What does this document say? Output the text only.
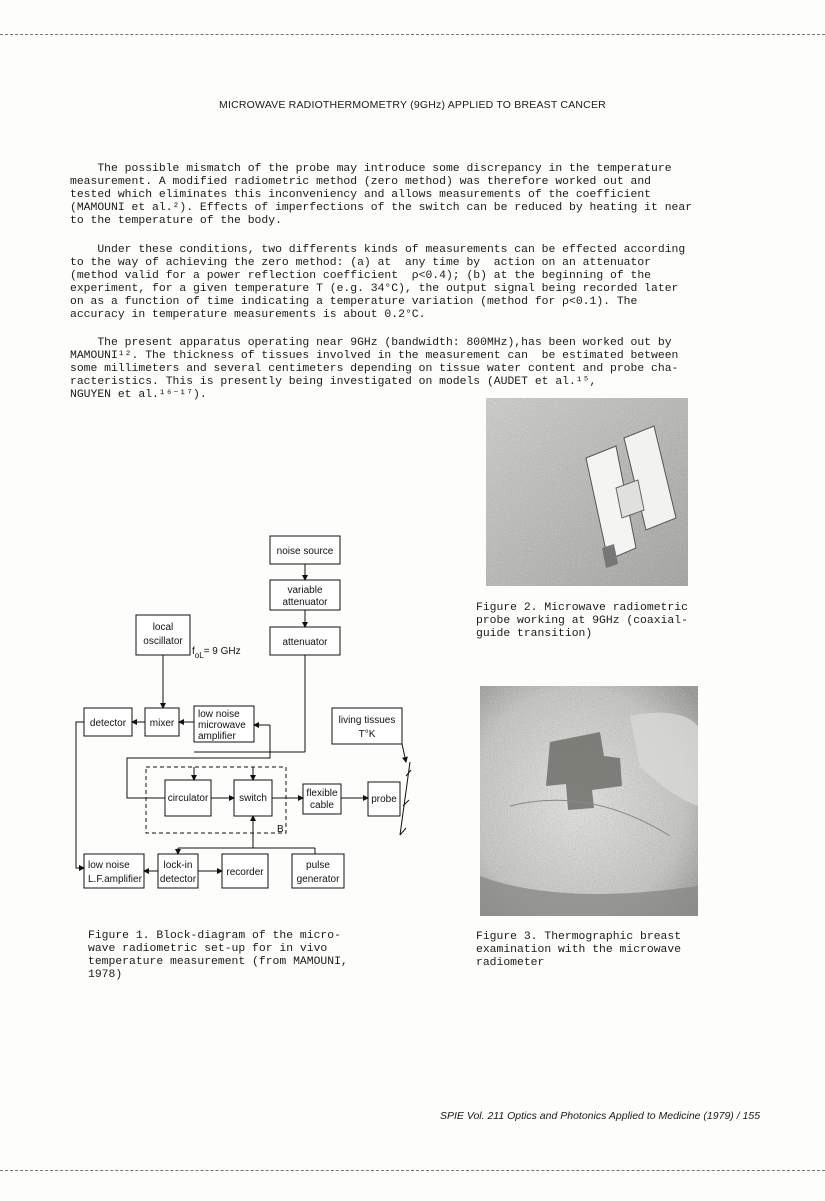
MICROWAVE RADIOTHERMOMETRY (9GHz) APPLIED TO BREAST CANCER

The possible mismatch of the probe may introduce some discrepancy in the temperature
measurement. A modified radiometric method (zero method) was therefore worked out and
tested which eliminates this inconveniency and allows measurements of the coefficient
(MAMOUNI et al.²). Effects of imperfections of the switch can be reduced by heating it near
to the temperature of the body.

Under these conditions, two differents kinds of measurements can be effected according
to the way of achieving the zero method: (a) at  any time by  action on an attenuator
(method valid for a power reflection coefficient  ρ<0.4); (b) at the beginning of the
experiment, for a given temperature T (e.g. 34°C), the output signal being recorded later
on as a function of time indicating a temperature variation (method for ρ<0.1). The
accuracy in temperature measurements is about 0.2°C.

The present apparatus operating near 9GHz (bandwidth: 800MHz),has been worked out by
MAMOUNI¹². The thickness of tissues involved in the measurement can  be estimated between
some millimeters and several centimeters depending on tissue water content and probe cha-
racteristics. This is presently being investigated on models (AUDET et al.¹⁵,
NGUYEN et al.¹⁶⁻¹⁷).

noise source
variable
attenuator
attenuator
local
oscillator
$f_{oL}= 9$ GHz
detector mixer
low noise
microwave
amplifier
living tissues
T°K
circulator	switch
B
flexible
cable
probe
low noise
L.F.amplifier
lock-in
detector
recorder
pulse
generator

Figure 1. Block-diagram of the micro-
wave radiometric set-up for in vivo
temperature measurement (from MAMOUNI,
1978)

Figure 2. Microwave radiometric
probe working at 9GHz (coaxial-
guide transition)

Figure 3. Thermographic breast
examination with the microwave
radiometer

SPIE Vol. 211 Optics and Photonics Applied to Medicine (1979) / 155
